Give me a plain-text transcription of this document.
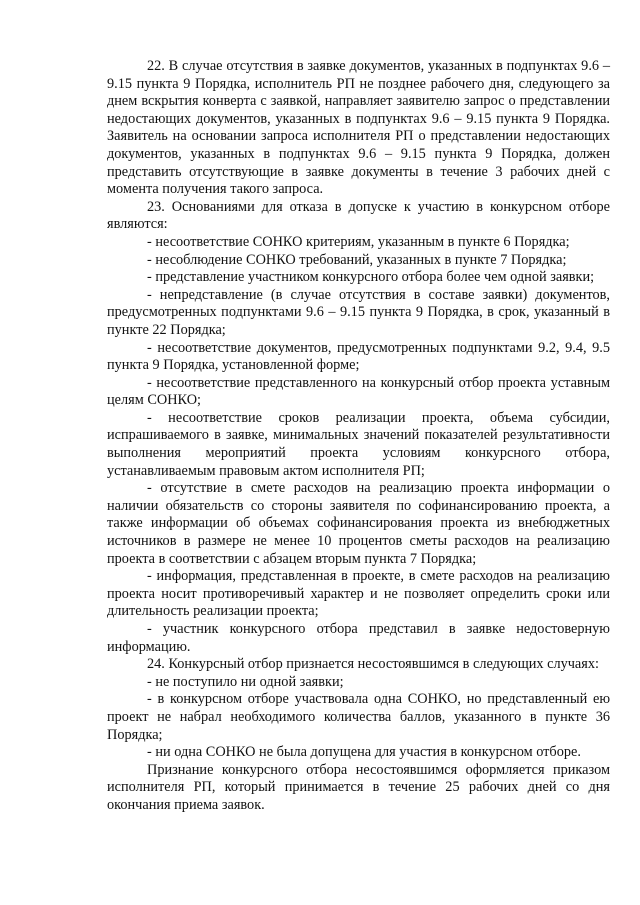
22. В случае отсутствия в заявке документов, указанных в подпунктах 9.6 – 9.15 пункта 9 Порядка, исполнитель РП не позднее рабочего дня, следующего за днем вскрытия конверта с заявкой, направляет заявителю запрос о представлении недостающих документов, указанных в подпунктах 9.6 – 9.15 пункта 9 Порядка. Заявитель на основании запроса исполнителя РП о представлении недостающих документов, указанных в подпунктах 9.6 – 9.15 пункта 9 Порядка, должен представить отсутствующие в заявке документы в течение 3 рабочих дней с момента получения такого запроса.

23. Основаниями для отказа в допуске к участию в конкурсном отборе являются:

- несоответствие СОНКО критериям, указанным в пункте 6 Порядка;

- несоблюдение СОНКО требований, указанных в пункте 7 Порядка;

- представление участником конкурсного отбора более чем одной заявки;

- непредставление (в случае отсутствия в составе заявки) документов, предусмотренных подпунктами 9.6 – 9.15 пункта 9 Порядка, в срок, указанный в пункте 22 Порядка;

- несоответствие документов, предусмотренных подпунктами 9.2, 9.4, 9.5 пункта 9 Порядка, установленной форме;

- несоответствие представленного на конкурсный отбор проекта уставным целям СОНКО;

- несоответствие сроков реализации проекта, объема субсидии, испрашиваемого в заявке, минимальных значений показателей результативности выполнения мероприятий проекта условиям конкурсного отбора, устанавливаемым правовым актом исполнителя РП;

- отсутствие в смете расходов на реализацию проекта информации о наличии обязательств со стороны заявителя по софинансированию проекта, а также информации об объемах софинансирования проекта из внебюджетных источников в размере не менее 10 процентов сметы расходов на реализацию проекта в соответствии с абзацем вторым пункта 7 Порядка;

- информация, представленная в проекте, в смете расходов на реализацию проекта носит противоречивый характер и не позволяет определить сроки или длительность реализации проекта;

- участник конкурсного отбора представил в заявке недостоверную информацию.

24. Конкурсный отбор признается несостоявшимся в следующих случаях:

- не поступило ни одной заявки;

- в конкурсном отборе участвовала одна СОНКО, но представленный ею проект не набрал необходимого количества баллов, указанного в пункте 36 Порядка;

- ни одна СОНКО не была допущена для участия в конкурсном отборе.

Признание конкурсного отбора несостоявшимся оформляется приказом исполнителя РП, который принимается в течение 25 рабочих дней со дня окончания приема заявок.
